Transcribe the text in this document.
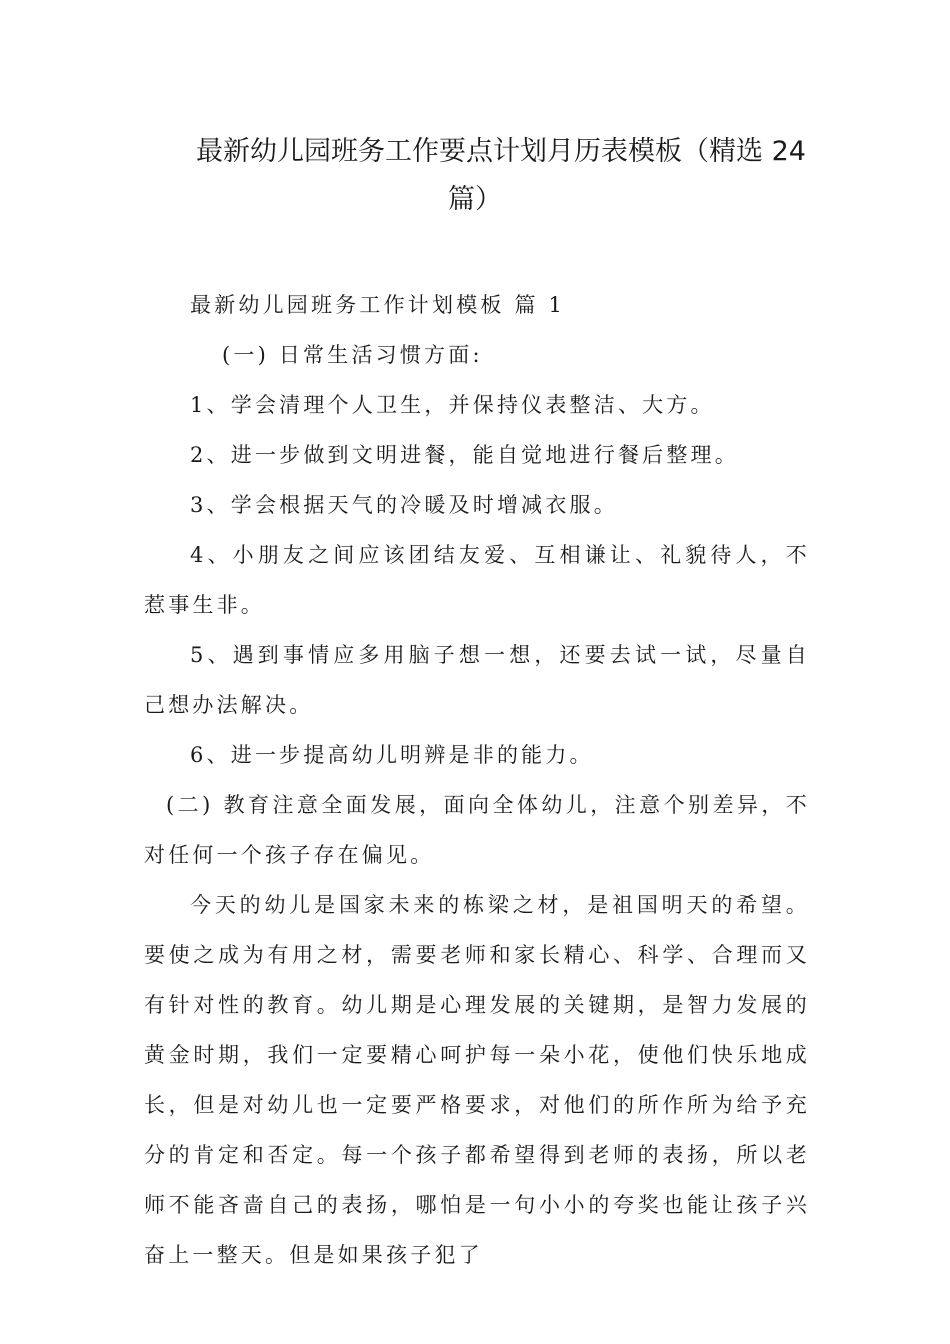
最新幼儿园班务工作要点计划月历表模板（精选 24
篇）

最新幼儿园班务工作计划模板 篇 1

(一) 日常生活习惯方面:

1、学会清理个人卫生，并保持仪表整洁、大方。

2、进一步做到文明进餐，能自觉地进行餐后整理。

3、学会根据天气的冷暖及时增减衣服。

4、小朋友之间应该团结友爱、互相谦让、礼貌待人，不惹事生非。

5、遇到事情应多用脑子想一想，还要去试一试，尽量自己想办法解决。

6、进一步提高幼儿明辨是非的能力。

(二) 教育注意全面发展，面向全体幼儿，注意个别差异，不对任何一个孩子存在偏见。

今天的幼儿是国家未来的栋梁之材，是祖国明天的希望。要使之成为有用之材，需要老师和家长精心、科学、合理而又有针对性的教育。幼儿期是心理发展的关键期，是智力发展的黄金时期，我们一定要精心呵护每一朵小花，使他们快乐地成长，但是对幼儿也一定要严格要求，对他们的所作所为给予充分的肯定和否定。每一个孩子都希望得到老师的表扬，所以老师不能吝啬自己的表扬，哪怕是一句小小的夸奖也能让孩子兴奋上一整天。但是如果孩子犯了
